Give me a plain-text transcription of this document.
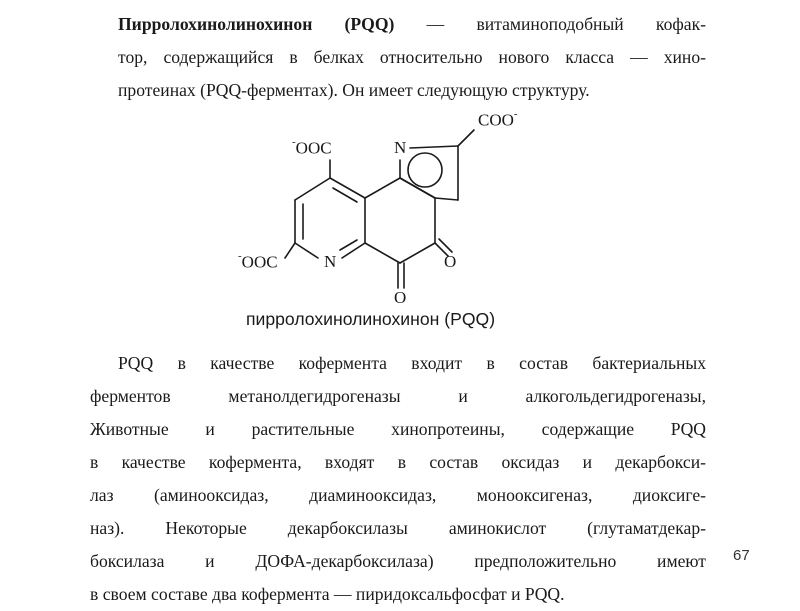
Пирролохинолинохинон (PQQ) — витаминоподобный кофак-
тор, содержащийся в белках относительно нового класса — хино-
протеинах (PQQ-ферментах). Он имеет следующую структуру.
COO-
-OOC	N
-OOC	N	O
O
пирролохинолинохинон (PQQ)
PQQ в качестве кофермента входит в состав бактериальных
ферментов метанолдегидрогеназы и алкогольдегидрогеназы,
Животные и растительные хинопротеины, содержащие PQQ
в качестве кофермента, входят в состав оксидаз и декарбокси-
лаз (аминооксидаз, диаминооксидаз, монооксигеназ, диоксиге-
наз). Некоторые декарбоксилазы аминокислот (глутаматдекар-
боксилаза и ДОФА-декарбоксилаза) предположительно имеют
в своем составе два кофермента — пиридоксальфосфат и PQQ.
67
